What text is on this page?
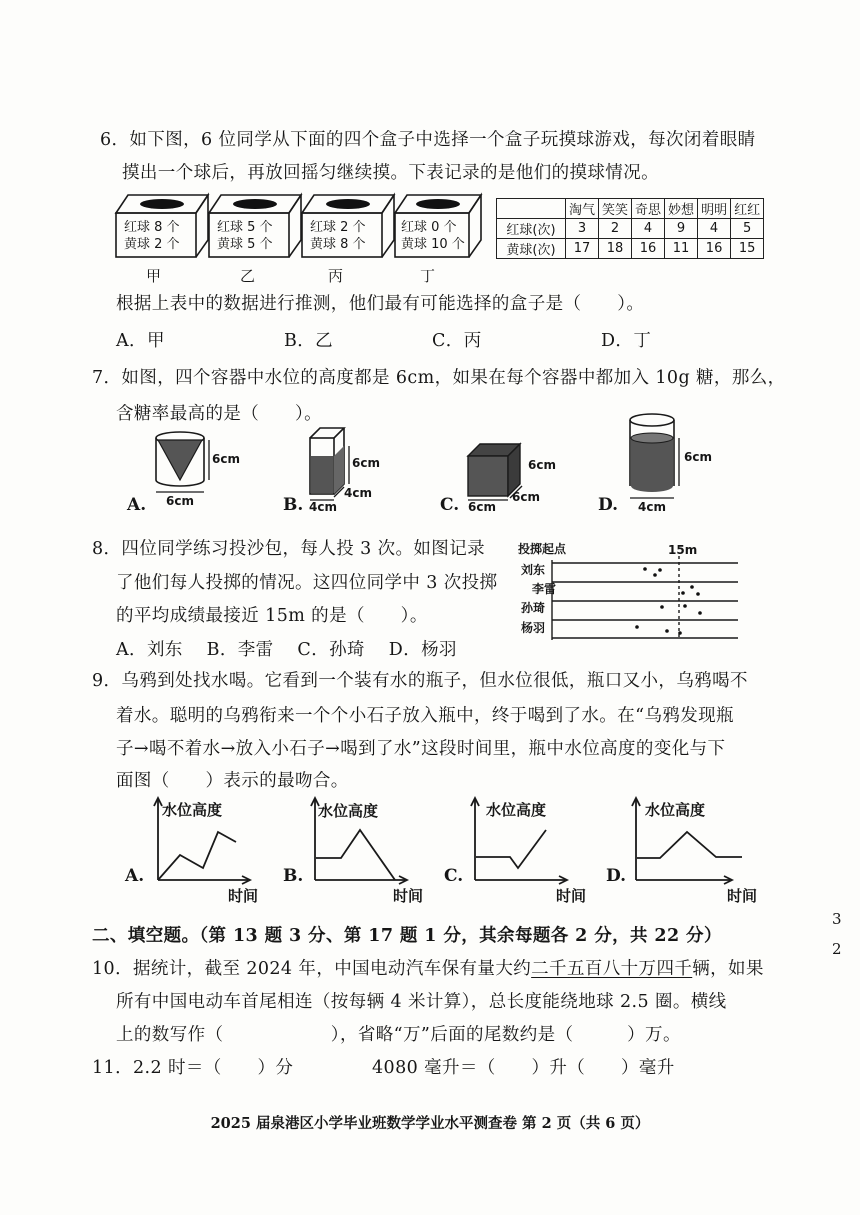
6．如下图，6 位同学从下面的四个盒子中选择一个盒子玩摸球游戏，每次闭着眼睛
摸出一个球后，再放回摇匀继续摸。下表记录的是他们的摸球情况。
红球 8 个
黄球 2 个
红球 5 个
黄球 5 个
红球 2 个
黄球 8 个
红球 0 个
黄球 10 个
甲	乙	丙	丁
	淘气	笑笑	奇思	妙想	明明	红红
红球(次)	3	2	4	9	4	5
黄球(次)	17	18	16	11	16	15
根据上表中的数据进行推测，他们最有可能选择的盒子是（　　）。
A．甲	B．乙	C．丙	D．丁
7．如图，四个容器中水位的高度都是 6cm，如果在每个容器中都加入 10g 糖，那么，
含糖率最高的是（　　）。
6cm
6cm
6cm
4cm
4cm
6cm
6cm
6cm
6cm
4cm
A.	B.	C.	D.
8．四位同学练习投沙包，每人投 3 次。如图记录
了他们每人投掷的情况。这四位同学中 3 次投掷
的平均成绩最接近 15m 的是（　　）。
A．刘东　 B．李雷　 C．孙琦　 D．杨羽
投掷起点	15m
刘东
李雷
孙琦
杨羽
9．乌鸦到处找水喝。它看到一个装有水的瓶子，但水位很低，瓶口又小，乌鸦喝不
着水。聪明的乌鸦衔来一个个小石子放入瓶中，终于喝到了水。在“乌鸦发现瓶
子→喝不着水→放入小石子→喝到了水”这段时间里，瓶中水位高度的变化与下
面图（　　）表示的最吻合。
水位高度
时间
水位高度
时间
水位高度
时间
水位高度
时间
A.	B.	C.	D.
二、填空题。（第 13 题 3 分、第 17 题 1 分，其余每题各 2 分，共 22 分）
10．据统计，截至 2024 年，中国电动汽车保有量大约二千五百八十万四千辆，如果
所有中国电动车首尾相连（按每辆 4 米计算），总长度能绕地球 2.5 圈。横线
上的数写作（　　　　　　），省略“万”后面的尾数约是（　　　）万。
11．2.2 时＝（　　）分	4080 毫升＝（　　）升（　　）毫升
3
2
2025 届泉港区小学毕业班数学学业水平测查卷 第 2 页（共 6 页）
